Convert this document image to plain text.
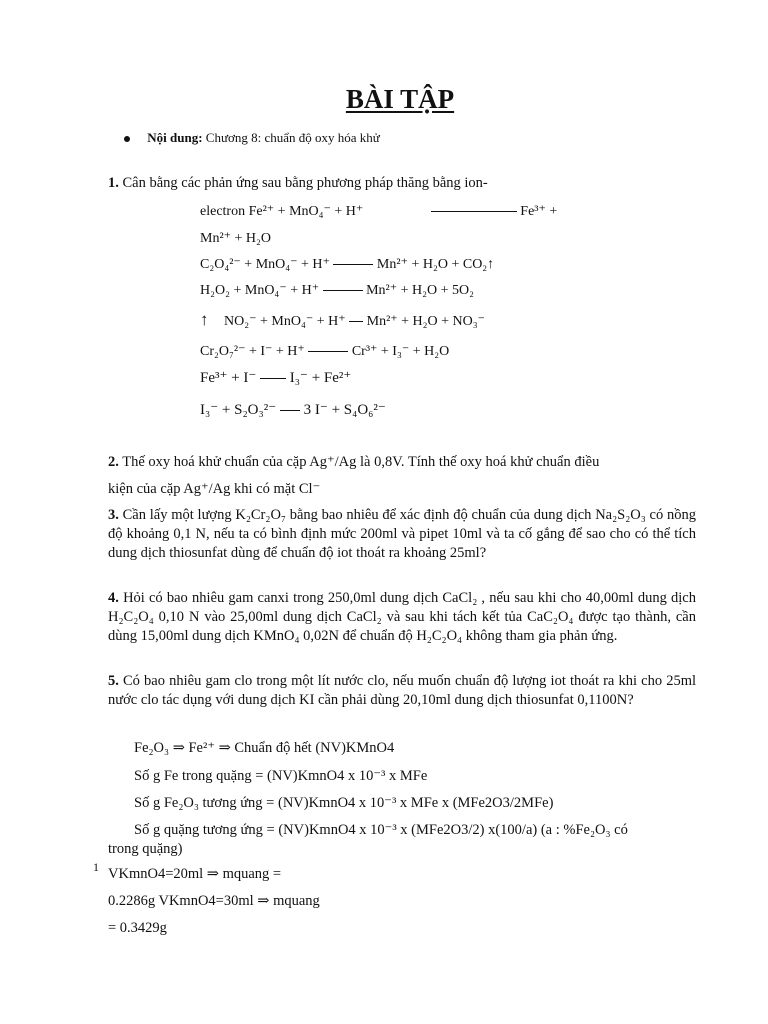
BÀI TẬP
Nội dung: Chương 8: chuẩn độ oxy hóa khử
1. Cân bằng các phản ứng sau bằng phương pháp thăng bằng ion-
electron Fe²⁺ + MnO₄⁻ + H⁺	Fe³⁺ +
Mn²⁺ + H₂O
C₂O₄²⁻ + MnO₄⁻ + H⁺	Mn²⁺ + H₂O + CO₂↑
H₂O₂ + MnO₄⁻ + H⁺	Mn²⁺ + H₂O + 5O₂
↑ NO₂⁻ + MnO₄⁻ + H⁺ Mn²⁺ + H₂O + NO₃⁻
Cr₂O₇²⁻ + I⁻ + H⁺	Cr³⁺ + I₃⁻ + H₂O
Fe³⁺ + I⁻ I₃⁻ + Fe²⁺
I₃⁻ + S₂O₃²⁻ 3 I⁻ + S₄O₆²⁻
2. Thế oxy hoá khử chuẩn của cặp Ag⁺/Ag là 0,8V. Tính thế oxy hoá khử chuẩn điều
kiện của cặp Ag⁺/Ag khi có mặt Cl⁻
3. Cần lấy một lượng K₂Cr₂O₇ bằng bao nhiêu để xác định độ chuẩn của dung dịch Na₂S₂O₃ có nồng độ khoảng 0,1 N, nếu ta có bình định mức 200ml và pipet 10ml và ta cố gắng để sao cho có thể tích dung dịch thiosunfat dùng để chuẩn độ iot thoát ra khoảng 25ml?
4. Hỏi có bao nhiêu gam canxi trong 250,0ml dung dịch CaCl₂ , nếu sau khi cho 40,00ml dung dịch H₂C₂O₄ 0,10 N vào 25,00ml dung dịch CaCl₂ và sau khi tách kết tủa CaC₂O₄ được tạo thành, cần dùng 15,00ml dung dịch KMnO₄ 0,02N để chuẩn độ H₂C₂O₄ không tham gia phản ứng.
5. Có bao nhiêu gam clo trong một lít nước clo, nếu muốn chuẩn độ lượng iot thoát ra khi cho 25ml nước clo tác dụng với dung dịch KI cần phải dùng 20,10ml dung dịch thiosunfat 0,1100N?
Fe₂O₃ ⇒ Fe²⁺ ⇒ Chuẩn độ hết (NV)KMnO4
Số g Fe trong quặng = (NV)KmnO4 x 10⁻³ x MFe
Số g Fe₂O₃ tương ứng = (NV)KmnO4 x 10⁻³ x MFe x (MFe2O3/2MFe)
Số g quặng tương ứng = (NV)KmnO4 x 10⁻³ x (MFe2O3/2) x(100/a) (a : %Fe₂O₃ có
trong quặng)
VKmnO4=20ml ⇒ mquang =
0.2286g VKmnO4=30ml ⇒ mquang
= 0.3429g
1
